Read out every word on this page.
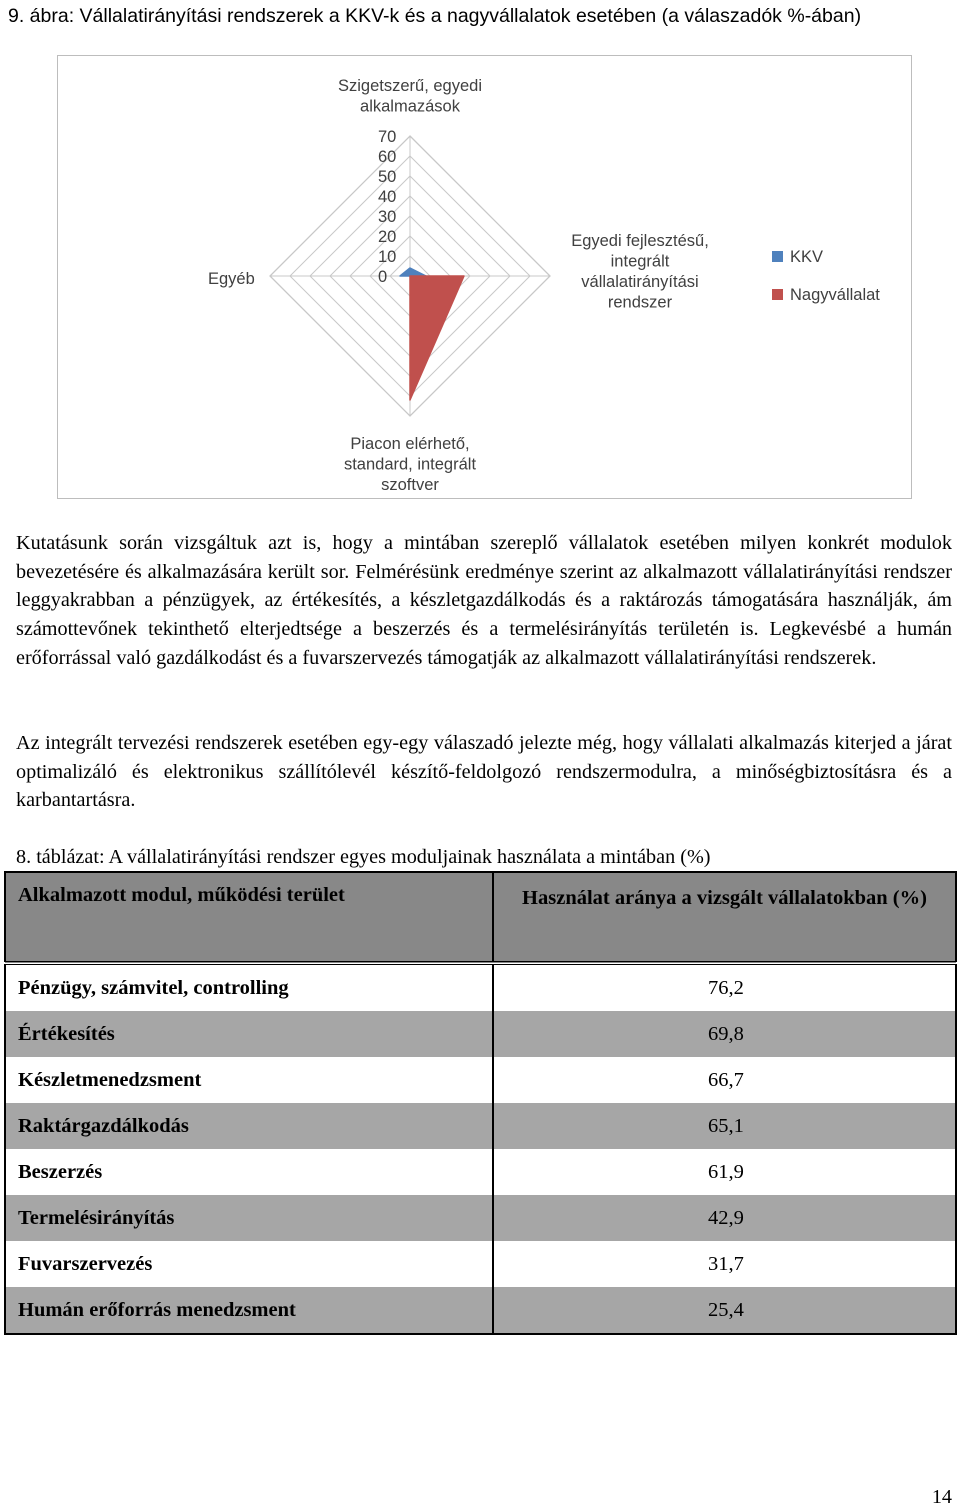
9. ábra: Vállalatirányítási rendszerek a KKV-k és a nagyvállalatok esetében (a válaszadók %-ában)
0
10
20
30
40
50
60
70
Szigetszerű, egyedi alkalmazások
Egyedi fejlesztésű, integrált vállalatirányítási rendszer
Piacon elérhető, standard, integrált szoftver
Egyéb
KKV
Nagyvállalat

Kutatásunk során vizsgáltuk azt is, hogy a mintában szereplő vállalatok esetében milyen konkrét modulok bevezetésére és alkalmazására került sor. Felmérésünk eredménye szerint az alkalmazott vállalatirányítási rendszer leggyakrabban a pénzügyek, az értékesítés, a készletgazdálkodás és a raktározás támogatására használják, ám számottevőnek tekinthető elterjedtsége a beszerzés és a termelésirányítás területén is. Legkevésbé a humán erőforrással való gazdálkodást és a fuvarszervezés támogatják az alkalmazott vállalatirányítási rendszerek.

Az integrált tervezési rendszerek esetében egy-egy válaszadó jelezte még, hogy vállalati alkalmazás kiterjed a járat optimalizáló és elektronikus szállítólevél készítő-feldolgozó rendszermodulra, a minőségbiztosításra és a karbantartásra.

8. táblázat: A vállalatirányítási rendszer egyes moduljainak használata a mintában (%)

Alkalmazott modul, működési terület	Használat aránya a vizsgált vállalatokban (%)
Pénzügy, számvitel, controlling	76,2
Értékesítés	69,8
Készletmenedzsment	66,7
Raktárgazdálkodás	65,1
Beszerzés	61,9
Termelésirányítás	42,9
Fuvarszervezés	31,7
Humán erőforrás menedzsment	25,4
14
